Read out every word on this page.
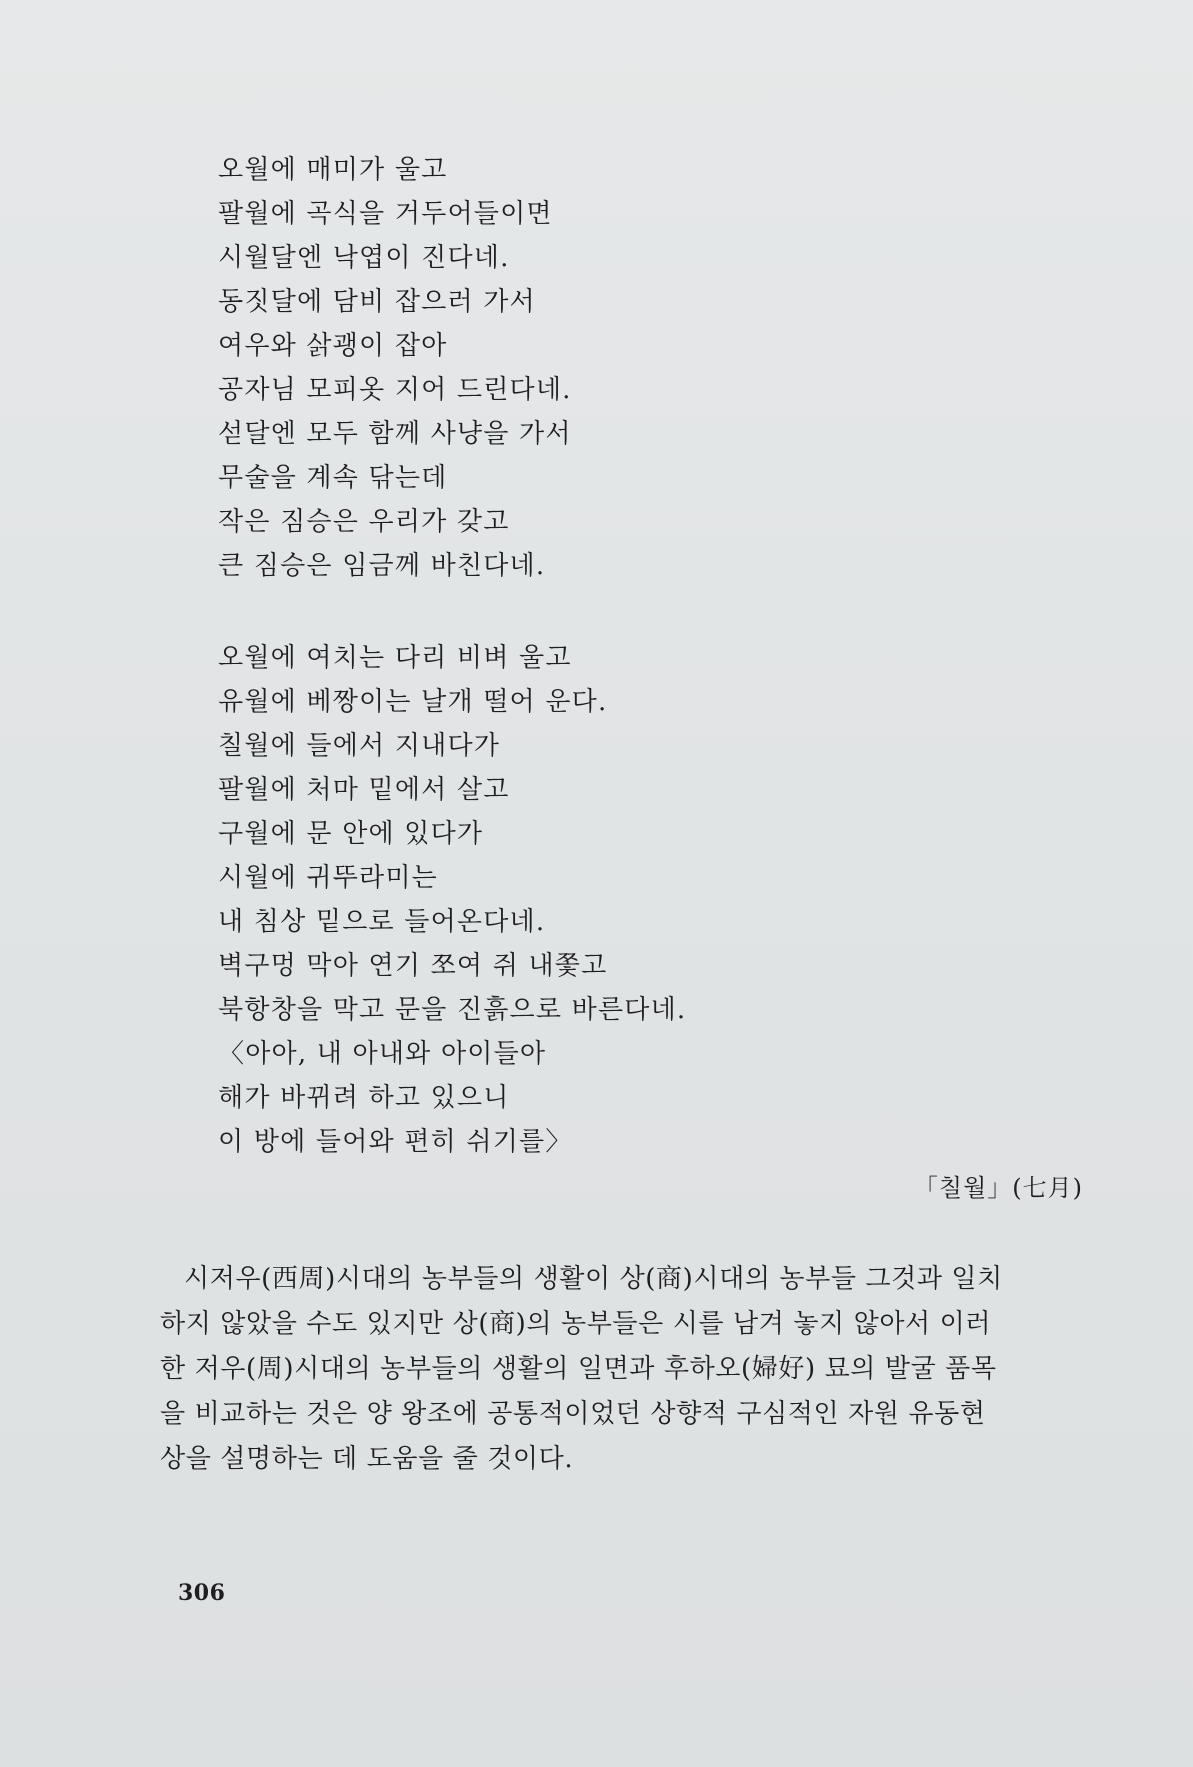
오월에 매미가 울고
팔월에 곡식을 거두어들이면
시월달엔 낙엽이 진다네.
동짓달에 담비 잡으러 가서
여우와 삵괭이 잡아
공자님 모피옷 지어 드린다네.
섣달엔 모두 함께 사냥을 가서
무술을 계속 닦는데
작은 짐승은 우리가 갖고
큰 짐승은 임금께 바친다네.
오월에 여치는 다리 비벼 울고
유월에 베짱이는 날개 떨어 운다.
칠월에 들에서 지내다가
팔월에 처마 밑에서 살고
구월에 문 안에 있다가
시월에 귀뚜라미는
내 침상 밑으로 들어온다네.
벽구멍 막아 연기 쪼여 쥐 내쫓고
북항창을 막고 문을 진흙으로 바른다네.
〈아아, 내 아내와 아이들아
해가 바뀌려 하고 있으니
이 방에 들어와 편히 쉬기를〉
「칠월」(七月)
시저우(西周)시대의 농부들의 생활이 상(商)시대의 농부들 그것과 일치
하지 않았을 수도 있지만 상(商)의 농부들은 시를 남겨 놓지 않아서 이러
한 저우(周)시대의 농부들의 생활의 일면과 후하오(婦好) 묘의 발굴 품목
을 비교하는 것은 양 왕조에 공통적이었던 상향적 구심적인 자원 유동현
상을 설명하는 데 도움을 줄 것이다.
306
